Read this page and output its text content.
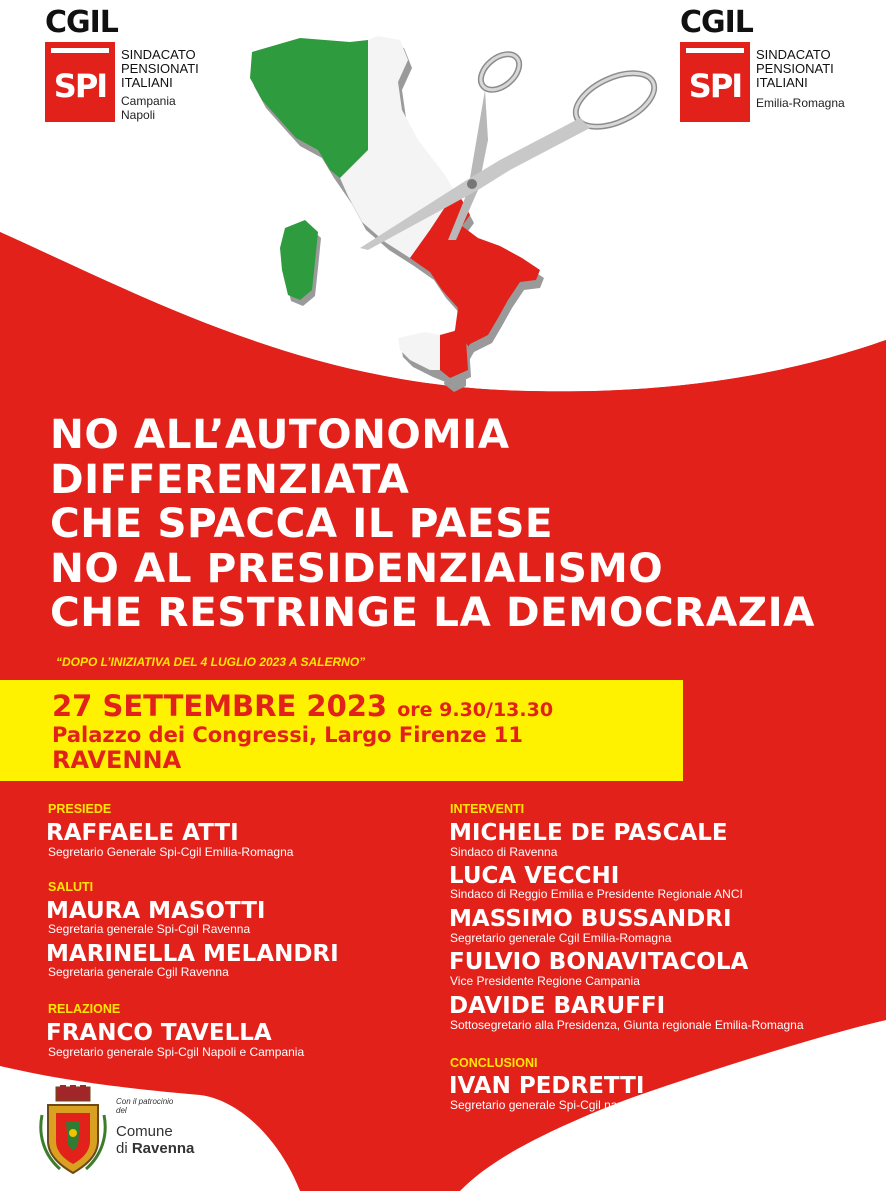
CGIL
SPI
SINDACATO
PENSIONATI
ITALIANI
Campania
Napoli
CGIL
SPI
SINDACATO
PENSIONATI
ITALIANI
Emilia-Romagna
NO ALL’AUTONOMIA
DIFFERENZIATA
CHE SPACCA IL PAESE
NO AL PRESIDENZIALISMO
CHE RESTRINGE LA DEMOCRAZIA
“DOPO L’INIZIATIVA DEL 4 LUGLIO 2023 A SALERNO”
27 SETTEMBRE 2023 ore 9.30/13.30
Palazzo dei Congressi, Largo Firenze 11
RAVENNA
PRESIEDE
RAFFAELE ATTI
Segretario Generale Spi-Cgil Emilia-Romagna
SALUTI
MAURA MASOTTI
Segretaria generale Spi-Cgil Ravenna
MARINELLA MELANDRI
Segretaria generale Cgil Ravenna
RELAZIONE
FRANCO TAVELLA
Segretario generale Spi-Cgil Napoli e Campania
INTERVENTI
MICHELE DE PASCALE
Sindaco di Ravenna
LUCA VECCHI
Sindaco di Reggio Emilia e Presidente Regionale ANCI
MASSIMO BUSSANDRI
Segretario generale Cgil Emilia-Romagna
FULVIO BONAVITACOLA
Vice Presidente Regione Campania
DAVIDE BARUFFI
Sottosegretario alla Presidenza, Giunta regionale Emilia-Romagna
CONCLUSIONI
IVAN PEDRETTI
Segretario generale Spi-Cgil nazionale
Con il patrocinio
del
Comune
di Ravenna
